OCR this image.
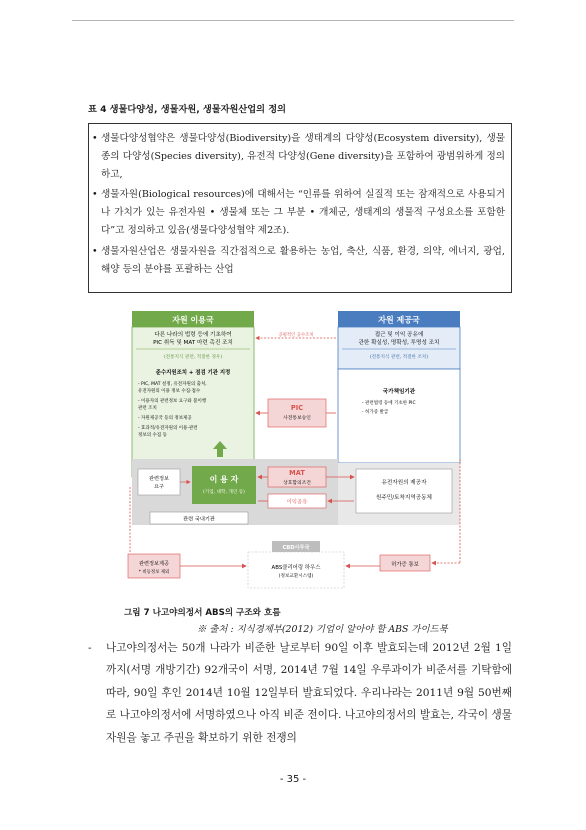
표 4 생물다양성, 생물자원, 생물자원산업의 정의
• 생물다양성협약은 생물다양성(Biodiversity)을 생태계의 다양성(Ecosystem diversity), 생물종의 다양성(Species diversity), 유전적 다양성(Gene diversity)을 포함하여 광범위하게 정의하고,
• 생물자원(Biological resources)에 대해서는 “인류를 위하여 실질적 또는 잠재적으로 사용되거나 가치가 있는 유전자원 • 생물체 또는 그 부분 • 개체군, 생태계의 생물적 구성요소를 포함한다”고 정의하고 있음(생물다양성협약 제2조).
• 생물자원산업은 생물자원을 직간접적으로 활용하는 농업, 축산, 식품, 환경, 의약, 에너지, 광업, 해양 등의 분야를 포괄하는 산업
자원 이용국	자원 제공국
다른 나라의 법령 등에 기초하여
PIC 취득 및 MAT 마련 촉진 조치
(전통지식 관련, 적절한 경우)
접근 및 이익 공유에
관한 확실성, 명확성, 투명성 조치
(전통지식 관련, 적절한 조치)
공평적인 공수조치
준수지원조치 + 점검 기관 지정
- PIC, MAT 설정, 유전자원의 출처,
유전자원의 이용 정보 수집·접수
- 이용자의 관련정보 요구와 불이행
관련 조치
- 자원제공국 등의 정보제공
- 효과적/유전자원의 이용·관련
정보의 수집 등
국가책임기관
- 관련법령 등에 기초한 PIC
- 허가증 발급
PIC
사전통보승인
관련정보
요구
이 용 자
(기업, 대학, 개인 등)
MAT
상호합의조건
이익공유
유전자원의 제공자
원주민/토착지역공동체
관련 국내기관
CBD사무국
ABS클리어링 하우스
(정보교환시스템)
관련정보제공
* 비등정보 제외
허가증 통보
그림 7 나고야의정서 ABS의 구조와 흐름
※ 출처 : 지식경제부(2012) 기업이 알아야 할 ABS 가이드북
- 나고야의정서는 50개 나라가 비준한 날로부터 90일 이후 발효되는데 2012년 2월 1일까지(서명 개방기간) 92개국이 서명, 2014년 7월 14일 우루과이가 비준서를 기탁함에 따라, 90일 후인 2014년 10월 12일부터 발효되었다. 우리나라는 2011년 9월 50번째로 나고야의정서에 서명하였으나 아직 비준 전이다. 나고야의정서의 발효는, 각국이 생물자원을 놓고 주권을 확보하기 위한 전쟁의
- 35 -
